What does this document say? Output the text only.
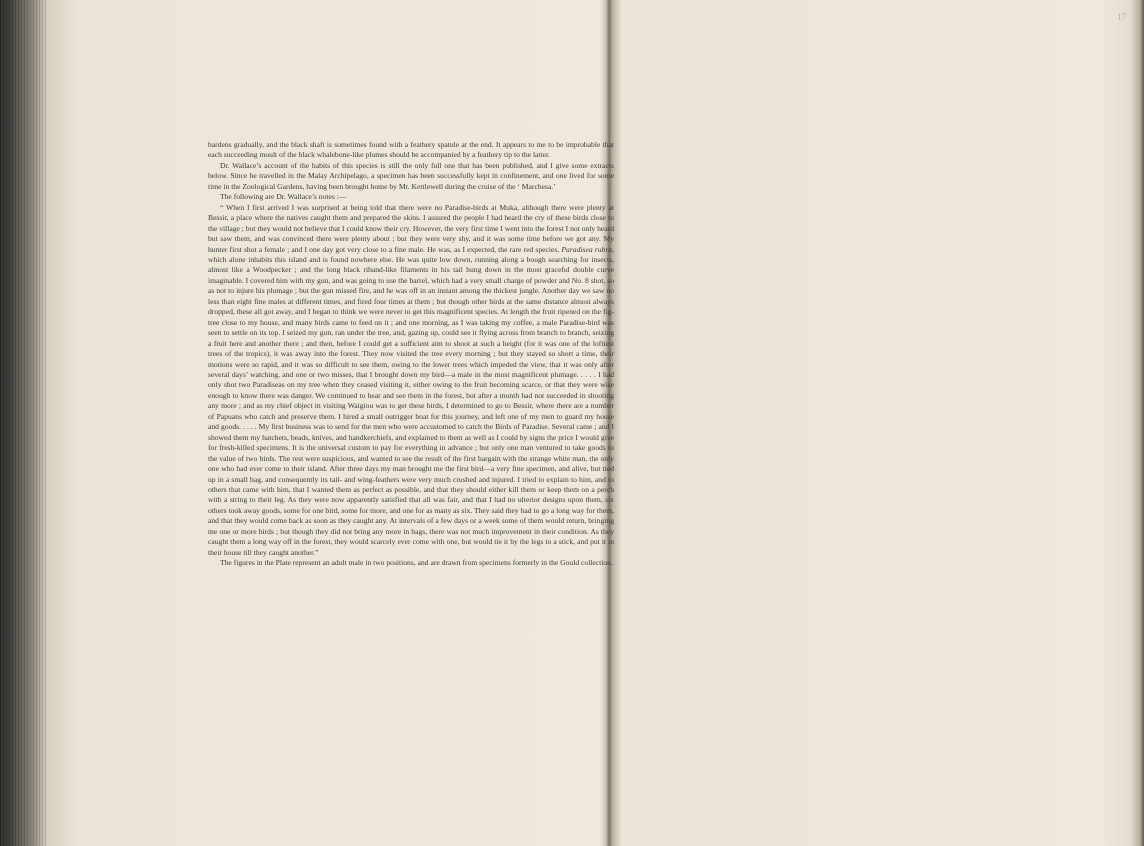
17

bardens gradually, and the black shaft is sometimes found with a feathery spatule at the end. It appears to me to be improbable that each succeeding moult of the black whalebone-like plumes should be accompanied by a feathery tip to the latter.

Dr. Wallace’s account of the habits of this species is still the only full one that has been published, and I give some extracts below. Since he travelled in the Malay Archipelago, a specimen has been successfully kept in confinement, and one lived for some time in the Zoological Gardens, having been brought home by Mr. Kettlewell during the cruise of the ‘ Marchesa.’

The following are Dr. Wallace’s notes :—

“ When I first arrived I was surprised at being told that there were no Paradise-birds at Muka, although there were plenty at Bessir, a place where the natives caught them and prepared the skins. I assured the people I had heard the cry of these birds close to the village ; but they would not believe that I could know their cry. However, the very first time I went into the forest I not only heard but saw them, and was convinced there were plenty about ; but they were very shy, and it was some time before we got any. My hunter first shot a female ; and I one day got very close to a fine male. He was, as I expected, the rare red species, Paradisea rubra, which alone inhabits this island and is found nowhere else. He was quite low down, running along a bough searching for insects, almost like a Woodpecker ; and the long black riband-like filaments in his tail hung down in the most graceful double curve imaginable. I covered him with my gun, and was going to use the barrel, which had a very small charge of powder and No. 8 shot, so as not to injure his plumage ; but the gun missed fire, and he was off in an instant among the thickest jungle. Another day we saw no less than eight fine males at different times, and fired four times at them ; but though other birds at the same distance almost always dropped, these all got away, and I began to think we were never to get this magnificent species. At length the fruit ripened on the fig-tree close to my house, and many birds came to feed on it ; and one morning, as I was taking my coffee, a male Paradise-bird was seen to settle on its top. I seized my gun, ran under the tree, and, gazing up, could see it flying across from branch to branch, seizing a fruit here and another there ; and then, before I could get a sufficient aim to shoot at such a height (for it was one of the loftiest trees of the tropics), it was away into the forest. They now visited the tree every morning ; but they stayed so short a time, their motions were so rapid, and it was so difficult to see them, owing to the lower trees which impeded the view, that it was only after several days’ watching, and one or two misses, that I brought down my bird—a male in the most magnificent plumage. . . . . I had only shot two Paradiseas on my tree when they ceased visiting it, either owing to the fruit becoming scarce, or that they were wise enough to know there was danger. We continued to hear and see them in the forest, but after a month had not succeeded in shooting any more ; and as my chief object in visiting Waigiou was to get these birds, I determined to go to Bessir, where there are a number of Papuans who catch and preserve them. I hired a small outrigger boat for this journey, and left one of my men to guard my house and goods. . . . . My first business was to send for the men who were accustomed to catch the Birds of Paradise. Several came ; and I showed them my hatchets, beads, knives, and handkerchiefs, and explained to them as well as I could by signs the price I would give for fresh-killed specimens. It is the universal custom to pay for everything in advance ; but only one man ventured to take goods to the value of two birds. The rest were suspicious, and wanted to see the result of the first bargain with the strange white man, the only one who had ever come to their island. After three days my man brought me the first bird—a very fine specimen, and alive, but tied up in a small bag, and consequently its tail- and wing-feathers were very much crushed and injured. I tried to explain to him, and to others that came with him, that I wanted them as perfect as possible, and that they should either kill them or keep them on a perch with a string to their leg. As they were now apparently satisfied that all was fair, and that I had no ulterior designs upon them, six others took away goods, some for one bird, some for more, and one for as many as six. They said they had to go a long way for them, and that they would come back as soon as they caught any. At intervals of a few days or a week some of them would return, bringing me one or more birds ; but though they did not bring any more in bags, there was not much improvement in their condition. As they caught them a long way off in the forest, they would scarcely ever come with one, but would tie it by the legs to a stick, and put it in their house till they caught another.”

The figures in the Plate represent an adult male in two positions, and are drawn from specimens formerly in the Gould collection.
